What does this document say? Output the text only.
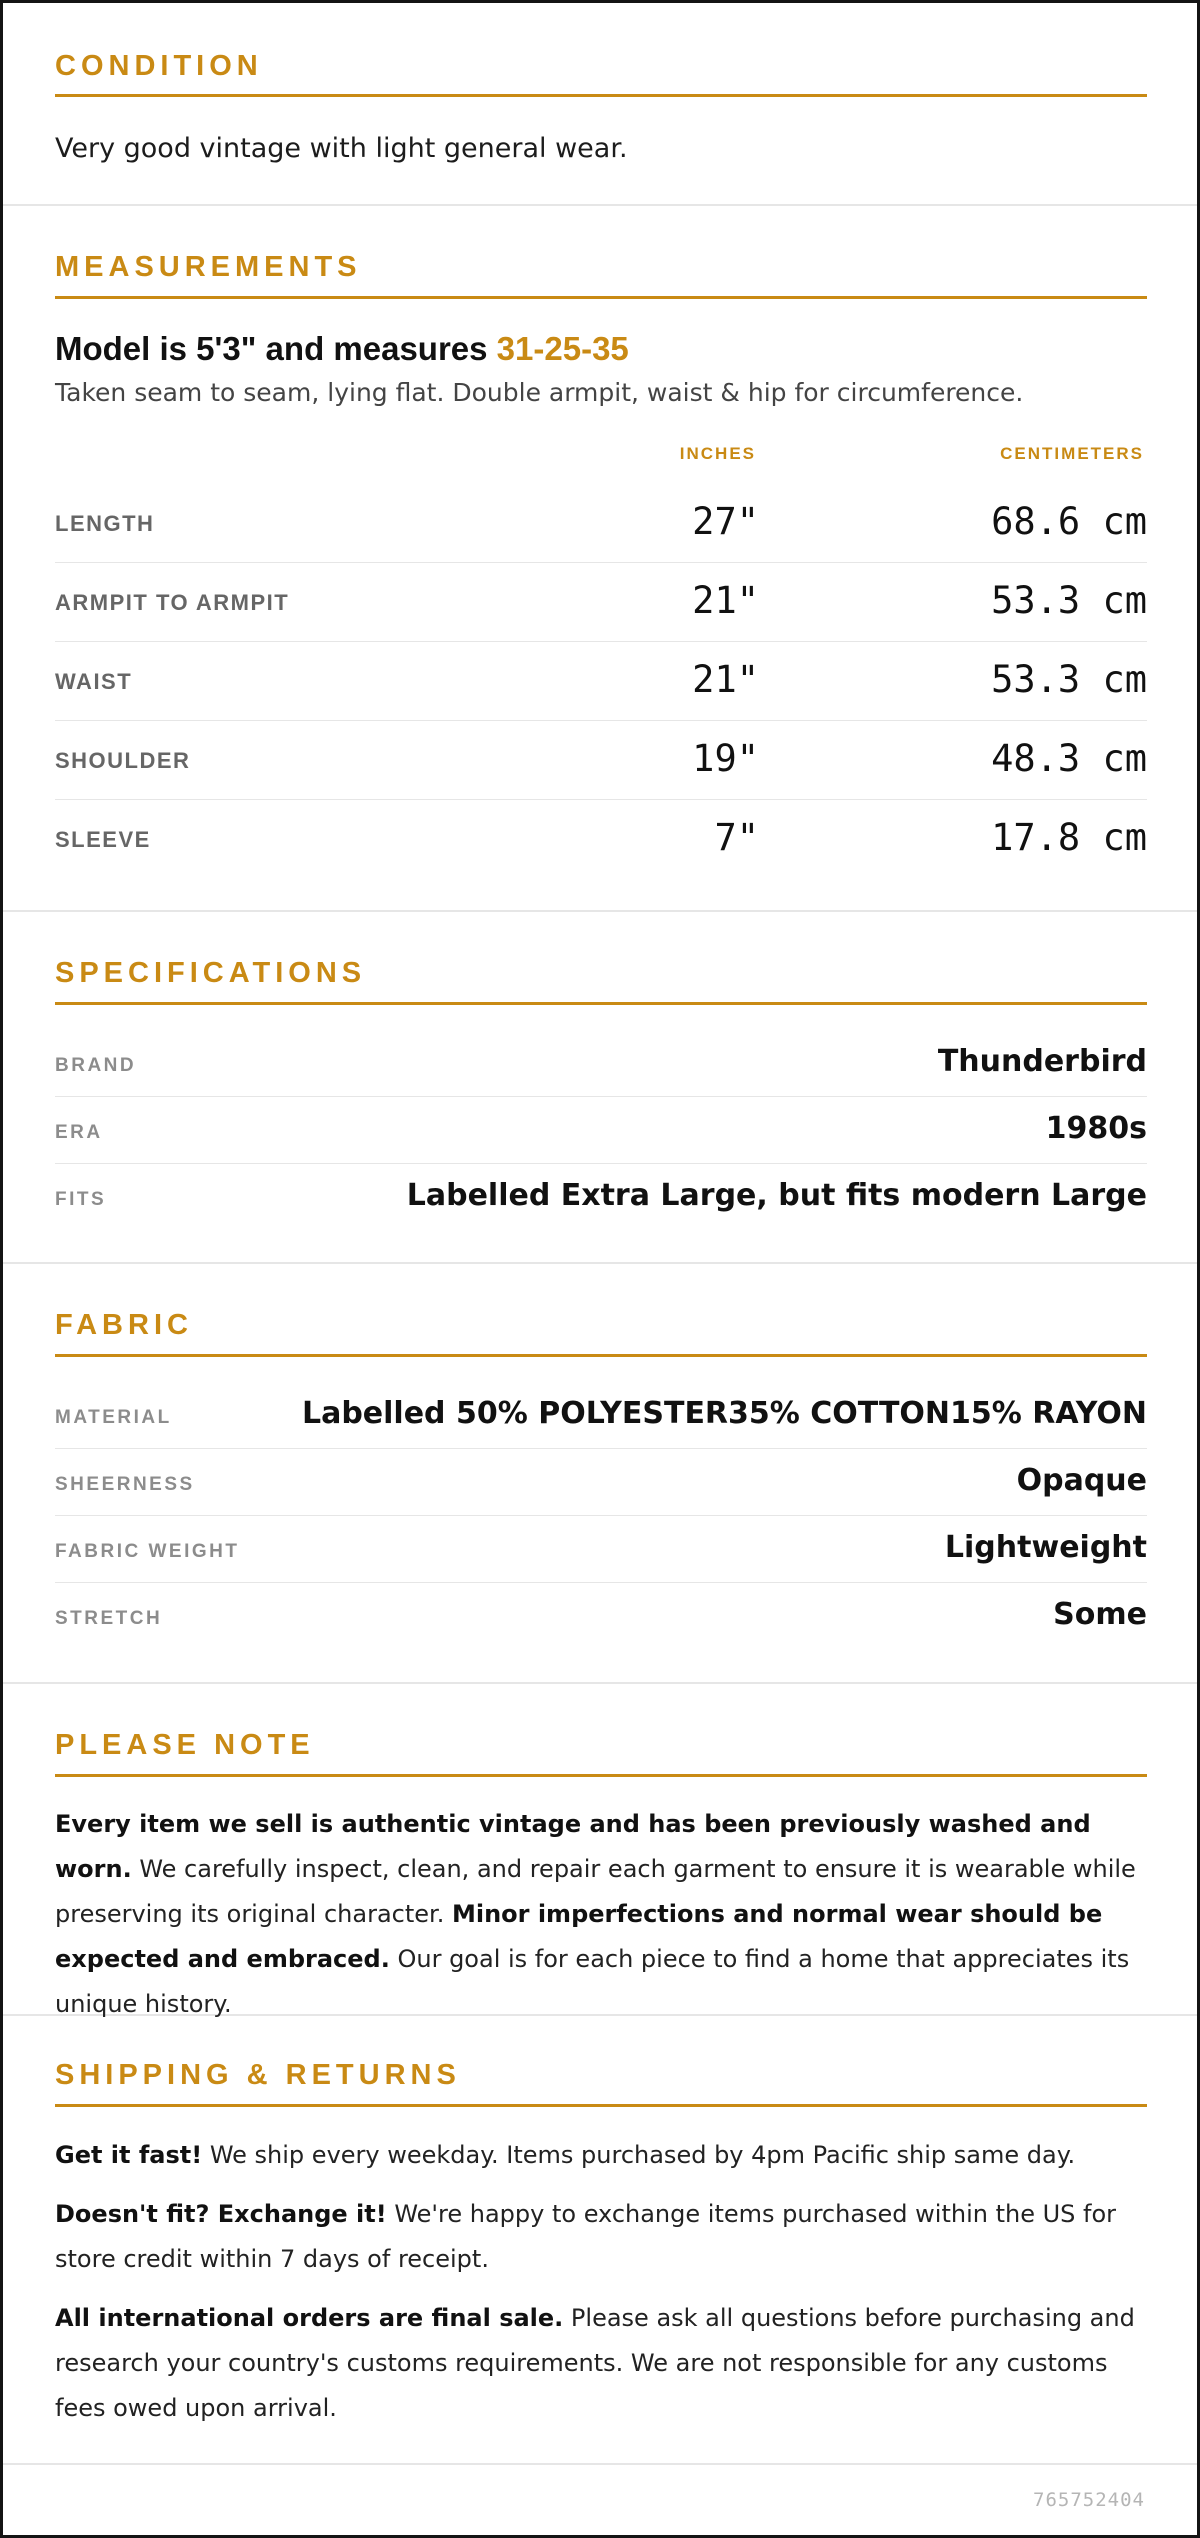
CONDITION
Very good vintage with light general wear.
MEASUREMENTS
Model is 5'3" and measures 31-25-35
Taken seam to seam, lying flat. Double armpit, waist & hip for circumference.
INCHES	CENTIMETERS
LENGTH	27"	68.6 cm
ARMPIT TO ARMPIT	21"	53.3 cm
WAIST	21"	53.3 cm
SHOULDER	19"	48.3 cm
SLEEVE	7"	17.8 cm
SPECIFICATIONS
BRAND	Thunderbird
ERA	1980s
FITS	Labelled Extra Large, but fits modern Large
FABRIC
MATERIAL	Labelled 50% POLYESTER35% COTTON15% RAYON
SHEERNESS	Opaque
FABRIC WEIGHT	Lightweight
STRETCH	Some
PLEASE NOTE
Every item we sell is authentic vintage and has been previously washed and worn. We carefully inspect, clean, and repair each garment to ensure it is wearable while preserving its original character. Minor imperfections and normal wear should be expected and embraced. Our goal is for each piece to find a home that appreciates its unique history.
SHIPPING & RETURNS
Get it fast! We ship every weekday. Items purchased by 4pm Pacific ship same day.
Doesn't fit? Exchange it! We're happy to exchange items purchased within the US for store credit within 7 days of receipt.
All international orders are final sale. Please ask all questions before purchasing and research your country's customs requirements. We are not responsible for any customs fees owed upon arrival.
765752404
